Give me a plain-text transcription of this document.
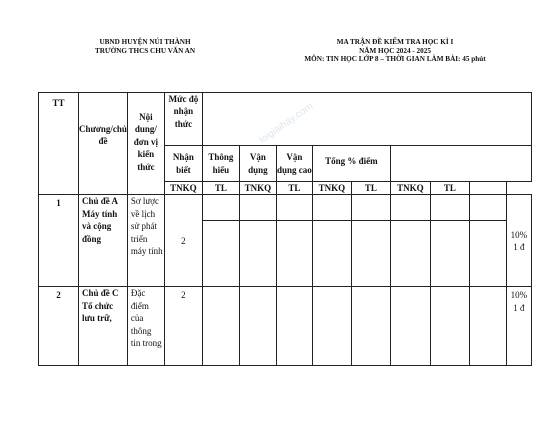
UBND HUYỆN NÚI THÀNH
TRƯỜNG THCS CHU VĂN AN
MA TRẬN ĐỀ KIỂM TRA HỌC KÌ I
NĂM HỌC 2024 - 2025
MÔN: TIN HỌC LỚP 8 – THỜI GIAN LÀM BÀI: 45 phút
loigiaihay.com
TT	Chương/chủ đề	Nội dung/đơn vị kiến thức	Mức độ nhận thức									
			Nhận biết	Thông hiểu	Vận dụng	Vận dụng cao	Tổng % điểm					
			TNKQ	TL	TNKQ	TL	TNKQ	TL	TNKQ	TL		
1	Chủ đề A Máy tính và cộng đồng	Sơ lược về lịch sử phát triển máy tính	2									10%
1 đ

2	Chủ đề C Tổ chức lưu trữ,	Đặc điểm của thông tin trong	2									10%
1 đ
